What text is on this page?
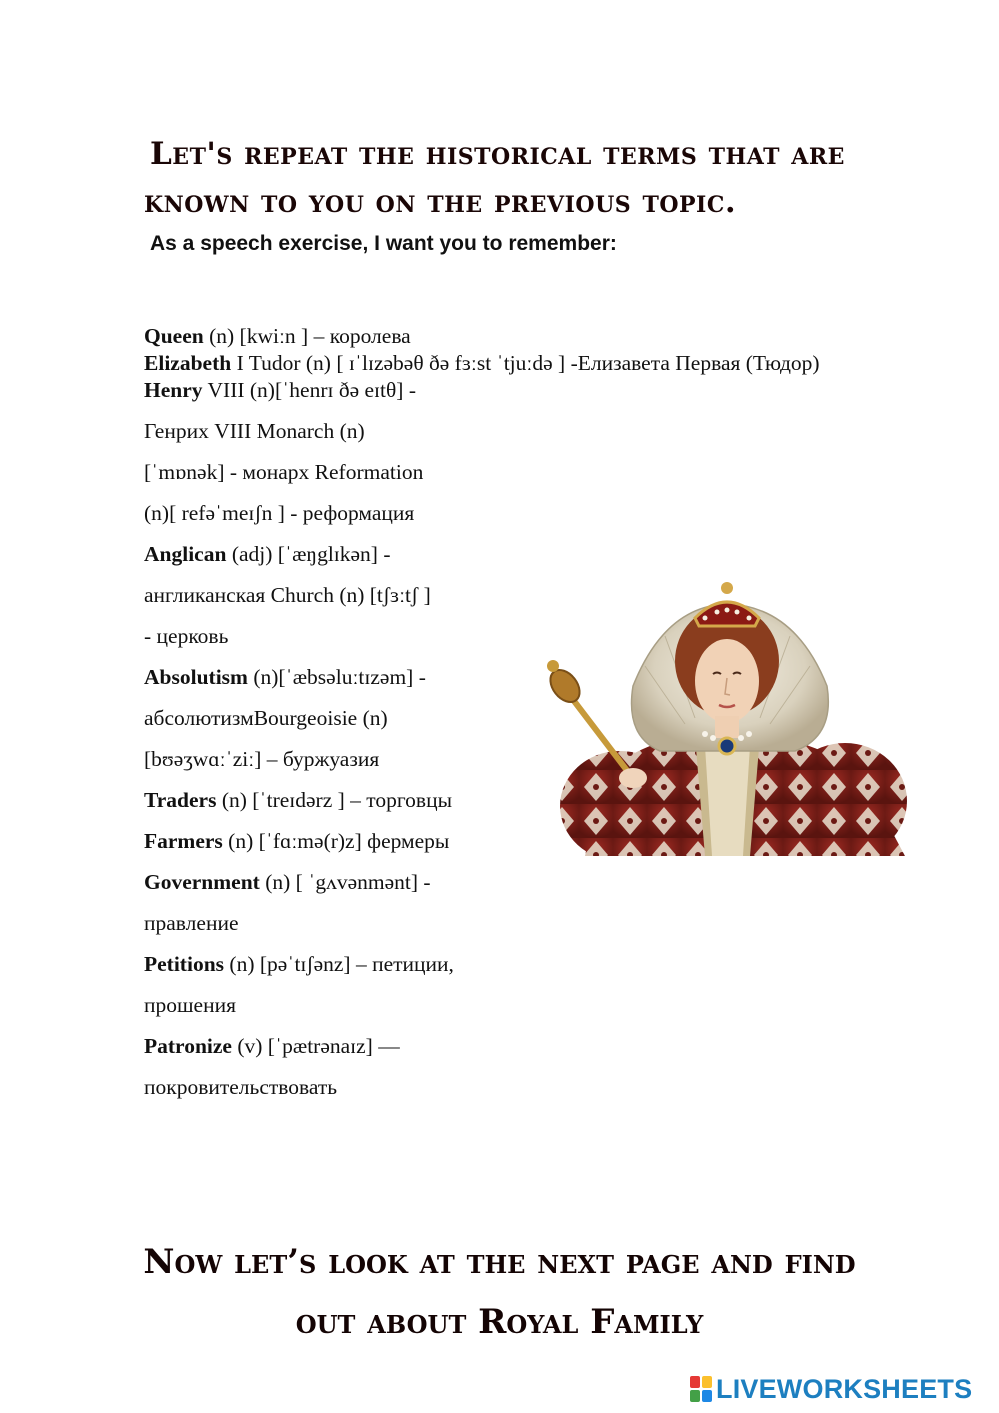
Let's repeat the historical terms that are
known to you on the previous topic.
As a speech exercise, I want you to remember:
Queen (n) [kwiːn ] – королева
Elizabeth I Tudor (n) [ ɪˈlɪzəbəθ ðə fɜːst ˈtjuːdə ] -Елизавета Первая (Тюдор)
Henry VIII (n)[ˈhenrɪ ðə eɪtθ] -
Генрих VIII Monarch (n)
[ˈmɒnək] - монарх Reformation
(n)[ refəˈmeɪʃn ] - реформация
Anglican (adj) [ˈæŋglɪkən] -
англиканская Church (n) [tʃɜːtʃ ]
- церковь
Absolutism (n)[ˈæbsəluːtɪzəm] -
абсолютизмBourgeoisie (n)
[bʊəʒwɑːˈziː] – буржуазия
Traders (n) [ˈtreɪdərz ] – торговцы
Farmers (n) [ˈfɑːmə(r)z] фермеры
Government (n) [ ˈgʌvənmənt] -
правление
Petitions (n) [pəˈtɪʃənz] – петиции,
прошения
Patronize (v) [ˈpætrənaɪz] —
покровительствовать
Now let’s look at the next page and find
out about Royal Family
LIVEWORKSHEETS
